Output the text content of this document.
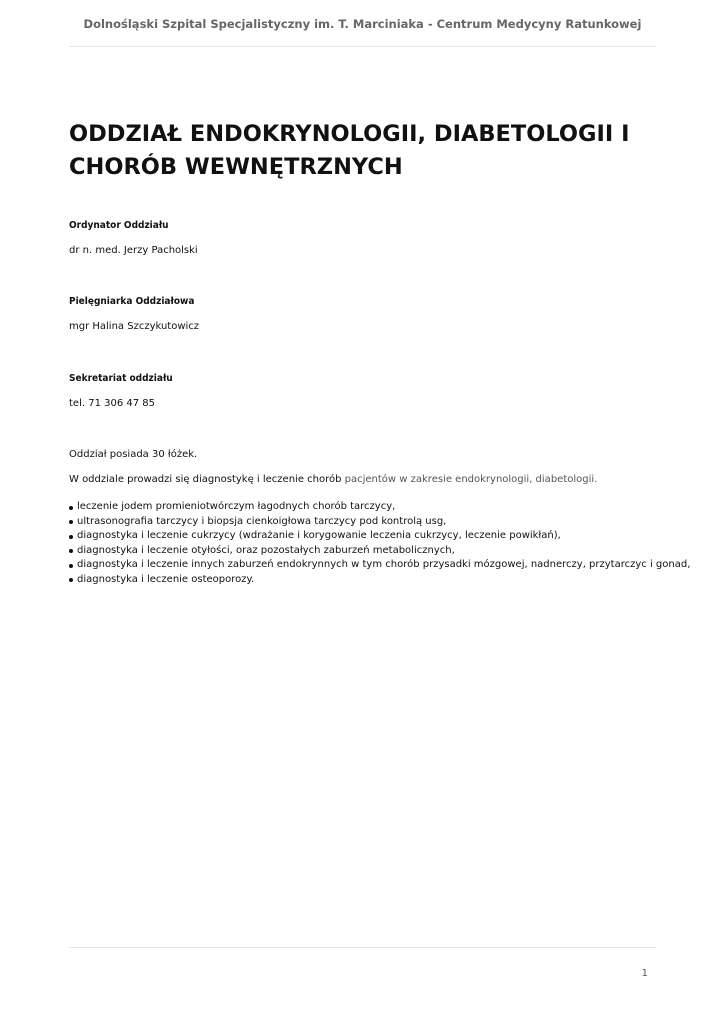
Dolnośląski Szpital Specjalistyczny im. T. Marciniaka - Centrum Medycyny Ratunkowej
ODDZIAŁ ENDOKRYNOLOGII, DIABETOLOGII I
CHORÓB WEWNĘTRZNYCH

Ordynator Oddziału

dr n. med. Jerzy Pacholski

Pielęgniarka Oddziałowa

mgr Halina Szczykutowicz

Sekretariat oddziału

tel. 71 306 47 85

Oddział posiada 30 łóżek.

W oddziale prowadzi się diagnostykę i leczenie chorób pacjentów w zakresie endokrynologii, diabetologii.

leczenie jodem promieniotwórczym łagodnych chorób tarczycy,
ultrasonografia tarczycy i biopsja cienkoigłowa tarczycy pod kontrolą usg,
diagnostyka i leczenie cukrzycy (wdrażanie i korygowanie leczenia cukrzycy, leczenie powikłań),
diagnostyka i leczenie otyłości, oraz pozostałych zaburzeń metabolicznych,
diagnostyka i leczenie innych zaburzeń endokrynnych w tym chorób przysadki mózgowej, nadnerczy, przytarczyc i gonad,
diagnostyka i leczenie osteoporozy.
1
